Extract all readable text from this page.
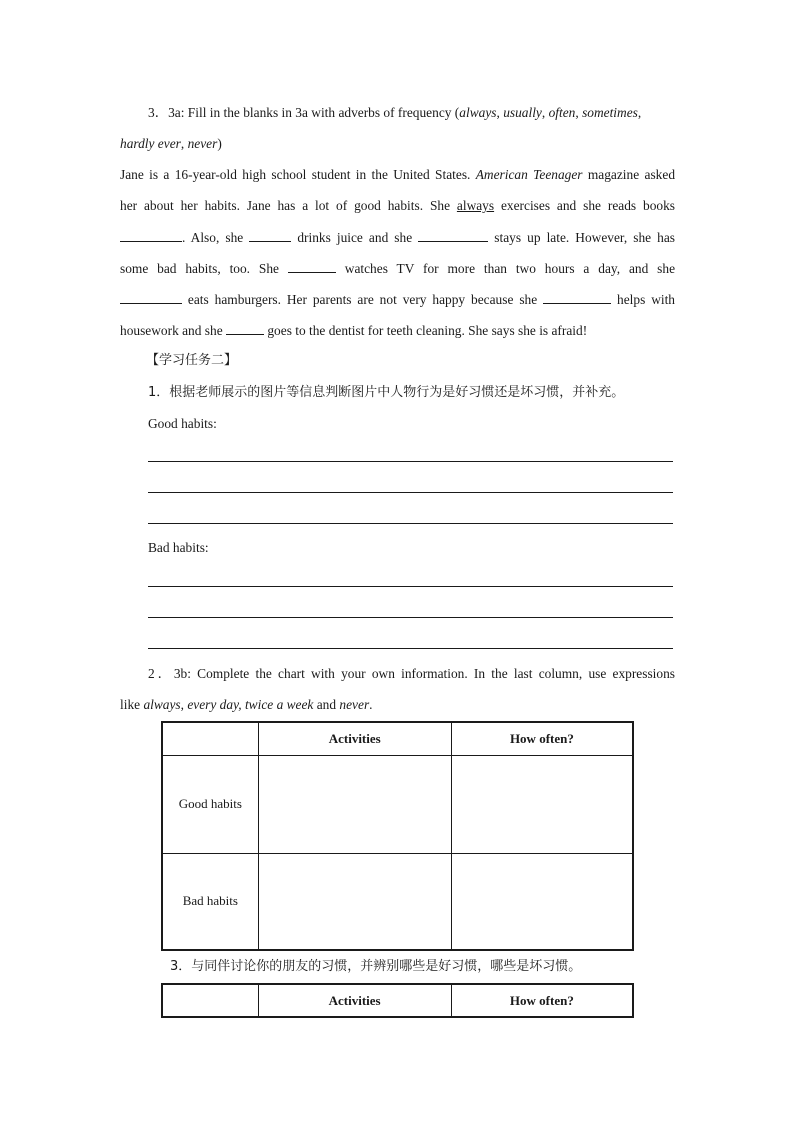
3．3a: Fill in the blanks in 3a with adverbs of frequency (always, usually, often, sometimes,
hardly ever, never)
Jane is a 16-year-old high school student in the United States. American Teenager magazine asked
her about her habits. Jane has a lot of good habits. She always exercises and she reads books
. Also, she	drinks juice and she	stays up late. However, she has
some bad habits, too. She	watches TV for more than two hours a day, and she
eats hamburgers. Her parents are not very happy because she	helps with
housework and she	goes to the dentist for teeth cleaning. She says she is afraid!
【学习任务二】
1．根据老师展示的图片等信息判断图片中人物行为是好习惯还是坏习惯，并补充。
Good habits:
Bad habits:
2．3b: Complete the chart with your own information. In the last column, use expressions
like always, every day, twice a week and never.
	Activities	How often?
Good habits		
Bad habits		
3．与同伴讨论你的朋友的习惯，并辨别哪些是好习惯，哪些是坏习惯。
	Activities	How often?
